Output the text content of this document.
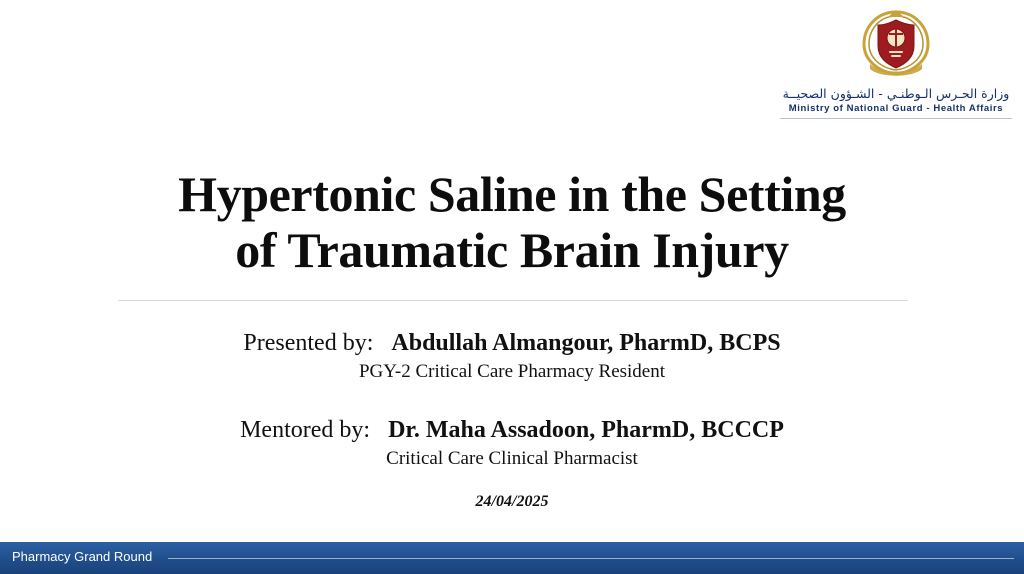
وزارة الحـرس الـوطنـي - الشـؤون الصحيــة
Ministry of National Guard - Health Affairs
Hypertonic Saline in the Setting
of Traumatic Brain Injury
Presented by: Abdullah Almangour, PharmD, BCPS
PGY-2 Critical Care Pharmacy Resident
Mentored by: Dr. Maha Assadoon, PharmD, BCCCP
Critical Care Clinical Pharmacist
24/04/2025
Pharmacy Grand Round
